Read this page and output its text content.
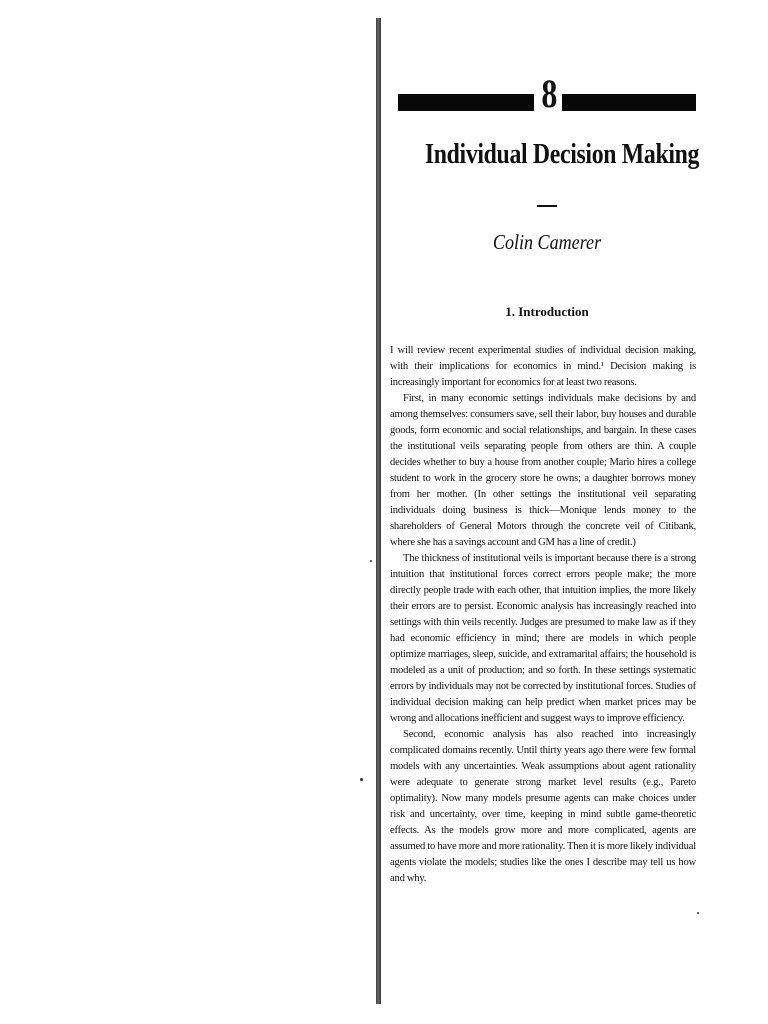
8
Individual Decision Making
Colin Camerer
1. Introduction

I will review recent experimental studies of individual decision making, with their implications for economics in mind.¹ Decision making is increasingly important for economics for at least two reasons.

First, in many economic settings individuals make decisions by and among themselves: consumers save, sell their labor, buy houses and durable goods, form economic and social relationships, and bargain. In these cases the institutional veils separating people from others are thin. A couple decides whether to buy a house from another couple; Mario hires a college student to work in the grocery store he owns; a daughter borrows money from her mother. (In other settings the institutional veil separating individuals doing business is thick—Monique lends money to the shareholders of General Motors through the concrete veil of Citibank, where she has a savings account and GM has a line of credit.)

The thickness of institutional veils is important because there is a strong intuition that institutional forces correct errors people make; the more directly people trade with each other, that intuition implies, the more likely their errors are to persist. Economic analysis has increasingly reached into settings with thin veils recently. Judges are presumed to make law as if they had economic efficiency in mind; there are models in which people optimize marriages, sleep, suicide, and extramarital affairs; the household is modeled as a unit of production; and so forth. In these settings systematic errors by individuals may not be corrected by institutional forces. Studies of individual decision making can help predict when market prices may be wrong and allocations inefficient and suggest ways to improve efficiency.

Second, economic analysis has also reached into increasingly complicated domains recently. Until thirty years ago there were few formal models with any uncertainties. Weak assumptions about agent rationality were adequate to generate strong market level results (e.g., Pareto optimality). Now many models presume agents can make choices under risk and uncertainty, over time, keeping in mind subtle game-theoretic effects. As the models grow more and more complicated, agents are assumed to have more and more rationality. Then it is more likely individual agents violate the models; studies like the ones I describe may tell us how and why.
